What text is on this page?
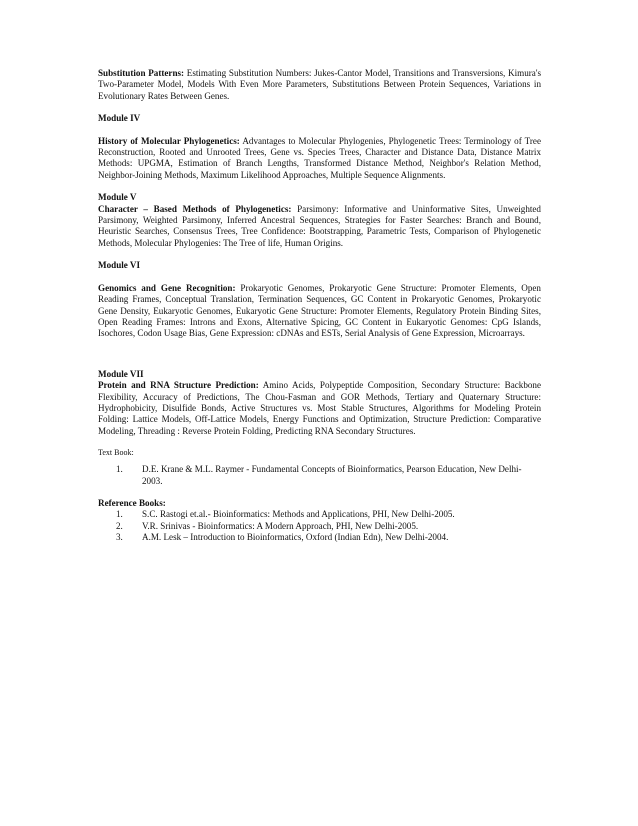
Substitution Patterns: Estimating Substitution Numbers: Jukes-Cantor Model, Transitions and Transversions, Kimura's Two-Parameter Model, Models With Even More Parameters, Substitutions Between Protein Sequences, Variations in Evolutionary Rates Between Genes.

Module IV

History of Molecular Phylogenetics: Advantages to Molecular Phylogenies, Phylogenetic Trees: Terminology of Tree Reconstruction, Rooted and Unrooted Trees, Gene vs. Species Trees, Character and Distance Data, Distance Matrix Methods: UPGMA, Estimation of Branch Lengths, Transformed Distance Method, Neighbor's Relation Method, Neighbor-Joining Methods, Maximum Likelihood Approaches, Multiple Sequence Alignments.

Module V

Character – Based Methods of Phylogenetics: Parsimony: Informative and Uninformative Sites, Unweighted Parsimony, Weighted Parsimony, Inferred Ancestral Sequences, Strategies for Faster Searches: Branch and Bound, Heuristic Searches, Consensus Trees, Tree Confidence: Bootstrapping, Parametric Tests, Comparison of Phylogenetic Methods, Molecular Phylogenies: The Tree of life, Human Origins.

Module VI

Genomics and Gene Recognition: Prokaryotic Genomes, Prokaryotic Gene Structure: Promoter Elements, Open Reading Frames, Conceptual Translation, Termination Sequences, GC Content in Prokaryotic Genomes, Prokaryotic Gene Density, Eukaryotic Genomes, Eukaryotic Gene Structure: Promoter Elements, Regulatory Protein Binding Sites, Open Reading Frames: Introns and Exons, Alternative Spicing, GC Content in Eukaryotic Genomes: CpG Islands, Isochores, Codon Usage Bias, Gene Expression: cDNAs and ESTs, Serial Analysis of Gene Expression, Microarrays.

Module VII

Protein and RNA Structure Prediction: Amino Acids, Polypeptide Composition, Secondary Structure: Backbone Flexibility, Accuracy of Predictions, The Chou-Fasman and GOR Methods, Tertiary and Quaternary Structure: Hydrophobicity, Disulfide Bonds, Active Structures vs. Most Stable Structures, Algorithms for Modeling Protein Folding: Lattice Models, Off-Lattice Models, Energy Functions and Optimization, Structure Prediction: Comparative Modeling, Threading : Reverse Protein Folding, Predicting RNA Secondary Structures.

Text Book:

1.	D.E. Krane & M.L. Raymer - Fundamental Concepts of Bioinformatics, Pearson Education, New Delhi-2003.

Reference Books:

1.	S.C. Rastogi et.al.- Bioinformatics: Methods and Applications, PHI, New Delhi-2005.
2.	V.R. Srinivas - Bioinformatics: A Modern Approach, PHI, New Delhi-2005.
3.	A.M. Lesk – Introduction to Bioinformatics, Oxford (Indian Edn), New Delhi-2004.
